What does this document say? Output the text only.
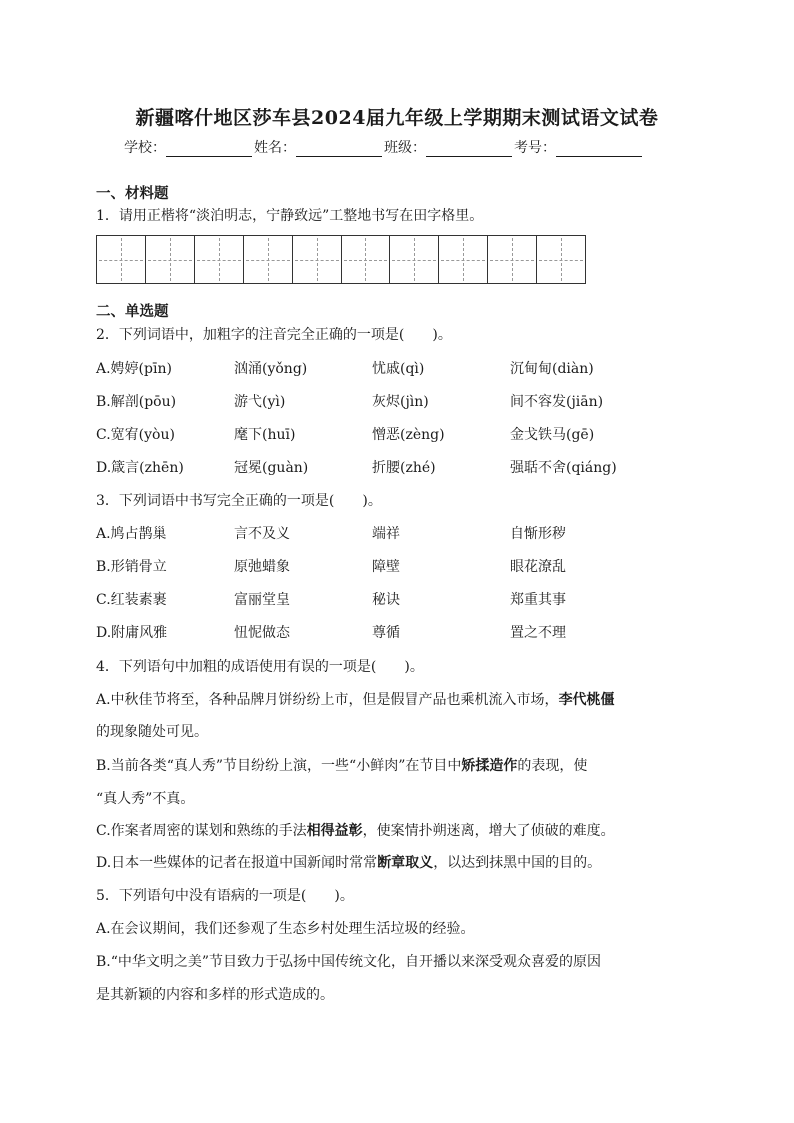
新疆喀什地区莎车县2024届九年级上学期期末测试语文试卷
学校：	姓名：	班级：	考号：
一、材料题
1．请用正楷将“淡泊明志，宁静致远”工整地书写在田字格里。
二、单选题
2．下列词语中，加粗字的注音完全正确的一项是(　　)。
A.娉婷(pīn)	汹涌(yǒng)	忧戚(qì)	沉甸甸(diàn)
B.解剖(pōu)	游弋(yì)	灰烬(jìn)	间不容发(jiān)
C.宽宥(yòu)	麾下(huī)	憎恶(zèng)	金戈铁马(gē)
D.箴言(zhēn)	冠冕(guàn)	折腰(zhé)	强聒不舍(qiáng)
3．下列词语中书写完全正确的一项是(　　)。
A.鸠占鹊巢	言不及义	端祥	自惭形秽
B.形销骨立	原弛蜡象	障壁	眼花潦乱
C.红装素裹	富丽堂皇	秘诀	郑重其事
D.附庸风雅	忸怩做态	尊循	置之不理
4．下列语句中加粗的成语使用有误的一项是(　　)。
A.中秋佳节将至，各种品牌月饼纷纷上市，但是假冒产品也乘机流入市场，李代桃僵
的现象随处可见。
B.当前各类“真人秀”节目纷纷上演，一些“小鲜肉”在节目中矫揉造作的表现，使
“真人秀”不真。
C.作案者周密的谋划和熟练的手法相得益彰，使案情扑朔迷离，增大了侦破的难度。
D.日本一些媒体的记者在报道中国新闻时常常断章取义，以达到抹黑中国的目的。
5．下列语句中没有语病的一项是(　　)。
A.在会议期间，我们还参观了生态乡村处理生活垃圾的经验。
B.“中华文明之美”节目致力于弘扬中国传统文化，自开播以来深受观众喜爱的原因
是其新颖的内容和多样的形式造成的。
